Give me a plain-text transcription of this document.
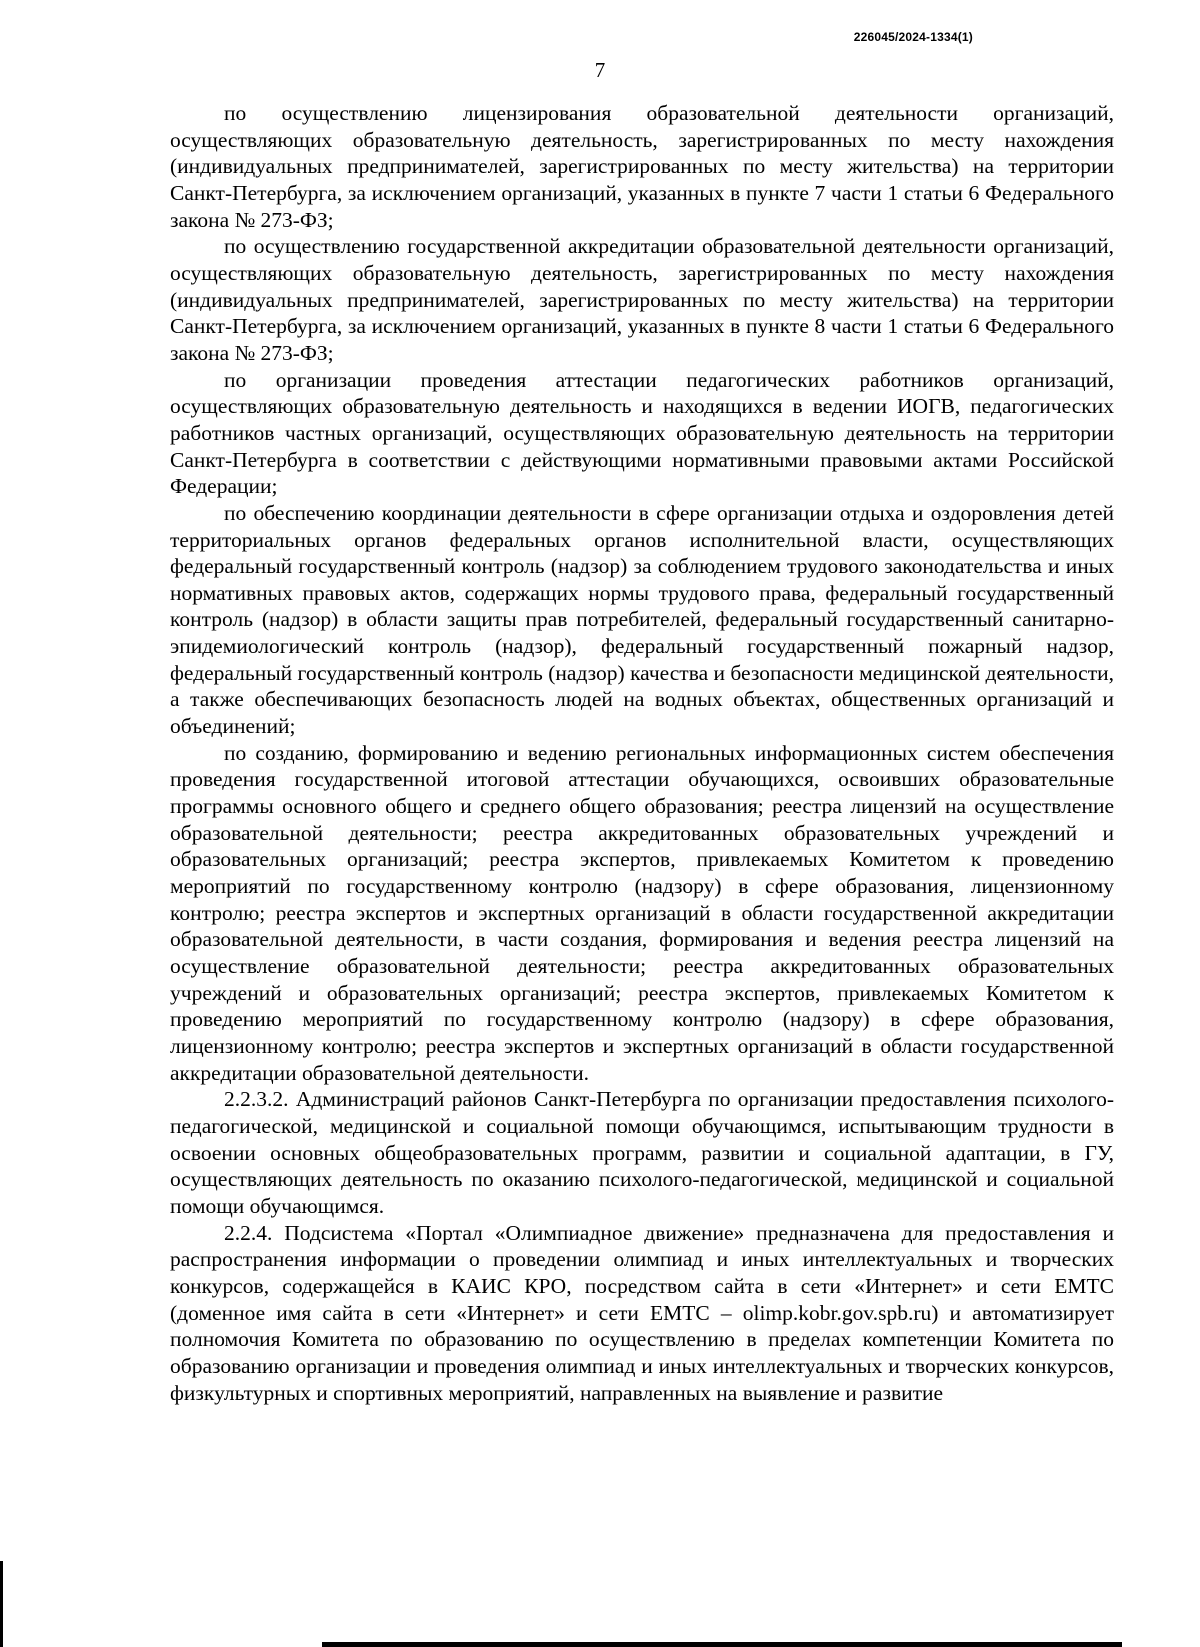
226045/2024-1334(1)
7

по осуществлению лицензирования образовательной деятельности организаций, осуществляющих образовательную деятельность, зарегистрированных по месту нахождения (индивидуальных предпринимателей, зарегистрированных по месту жительства) на территории Санкт-Петербурга, за исключением организаций, указанных в пункте 7 части 1 статьи 6 Федерального закона № 273-ФЗ;

по осуществлению государственной аккредитации образовательной деятельности организаций, осуществляющих образовательную деятельность, зарегистрированных по месту нахождения (индивидуальных предпринимателей, зарегистрированных по месту жительства) на территории Санкт-Петербурга, за исключением организаций, указанных в пункте 8 части 1 статьи 6 Федерального закона № 273-ФЗ;

по организации проведения аттестации педагогических работников организаций, осуществляющих образовательную деятельность и находящихся в ведении ИОГВ, педагогических работников частных организаций, осуществляющих образовательную деятельность на территории Санкт-Петербурга в соответствии с действующими нормативными правовыми актами Российской Федерации;

по обеспечению координации деятельности в сфере организации отдыха и оздоровления детей территориальных органов федеральных органов исполнительной власти, осуществляющих федеральный государственный контроль (надзор) за соблюдением трудового законодательства и иных нормативных правовых актов, содержащих нормы трудового права, федеральный государственный контроль (надзор) в области защиты прав потребителей, федеральный государственный санитарно-эпидемиологический контроль (надзор), федеральный государственный пожарный надзор, федеральный государственный контроль (надзор) качества и безопасности медицинской деятельности, а также обеспечивающих безопасность людей на водных объектах, общественных организаций и объединений;

по созданию, формированию и ведению региональных информационных систем обеспечения проведения государственной итоговой аттестации обучающихся, освоивших образовательные программы основного общего и среднего общего образования; реестра лицензий на осуществление образовательной деятельности; реестра аккредитованных образовательных учреждений и образовательных организаций; реестра экспертов, привлекаемых Комитетом к проведению мероприятий по государственному контролю (надзору) в сфере образования, лицензионному контролю; реестра экспертов и экспертных организаций в области государственной аккредитации образовательной деятельности, в части создания, формирования и ведения реестра лицензий на осуществление образовательной деятельности; реестра аккредитованных образовательных учреждений и образовательных организаций; реестра экспертов, привлекаемых Комитетом к проведению мероприятий по государственному контролю (надзору) в сфере образования, лицензионному контролю; реестра экспертов и экспертных организаций в области государственной аккредитации образовательной деятельности.

2.2.3.2. Администраций районов Санкт-Петербурга по организации предоставления психолого-педагогической, медицинской и социальной помощи обучающимся, испытывающим трудности в освоении основных общеобразовательных программ, развитии и социальной адаптации, в ГУ, осуществляющих деятельность по оказанию психолого-педагогической, медицинской и социальной помощи обучающимся.

2.2.4. Подсистема «Портал «Олимпиадное движение» предназначена для предоставления и распространения информации о проведении олимпиад и иных интеллектуальных и творческих конкурсов, содержащейся в КАИС КРО, посредством сайта в сети «Интернет» и сети ЕМТС (доменное имя сайта в сети «Интернет» и сети ЕМТС – olimp.kobr.gov.spb.ru) и автоматизирует полномочия Комитета по образованию по осуществлению в пределах компетенции Комитета по образованию организации и проведения олимпиад и иных интеллектуальных и творческих конкурсов, физкультурных и спортивных мероприятий, направленных на выявление и развитие
